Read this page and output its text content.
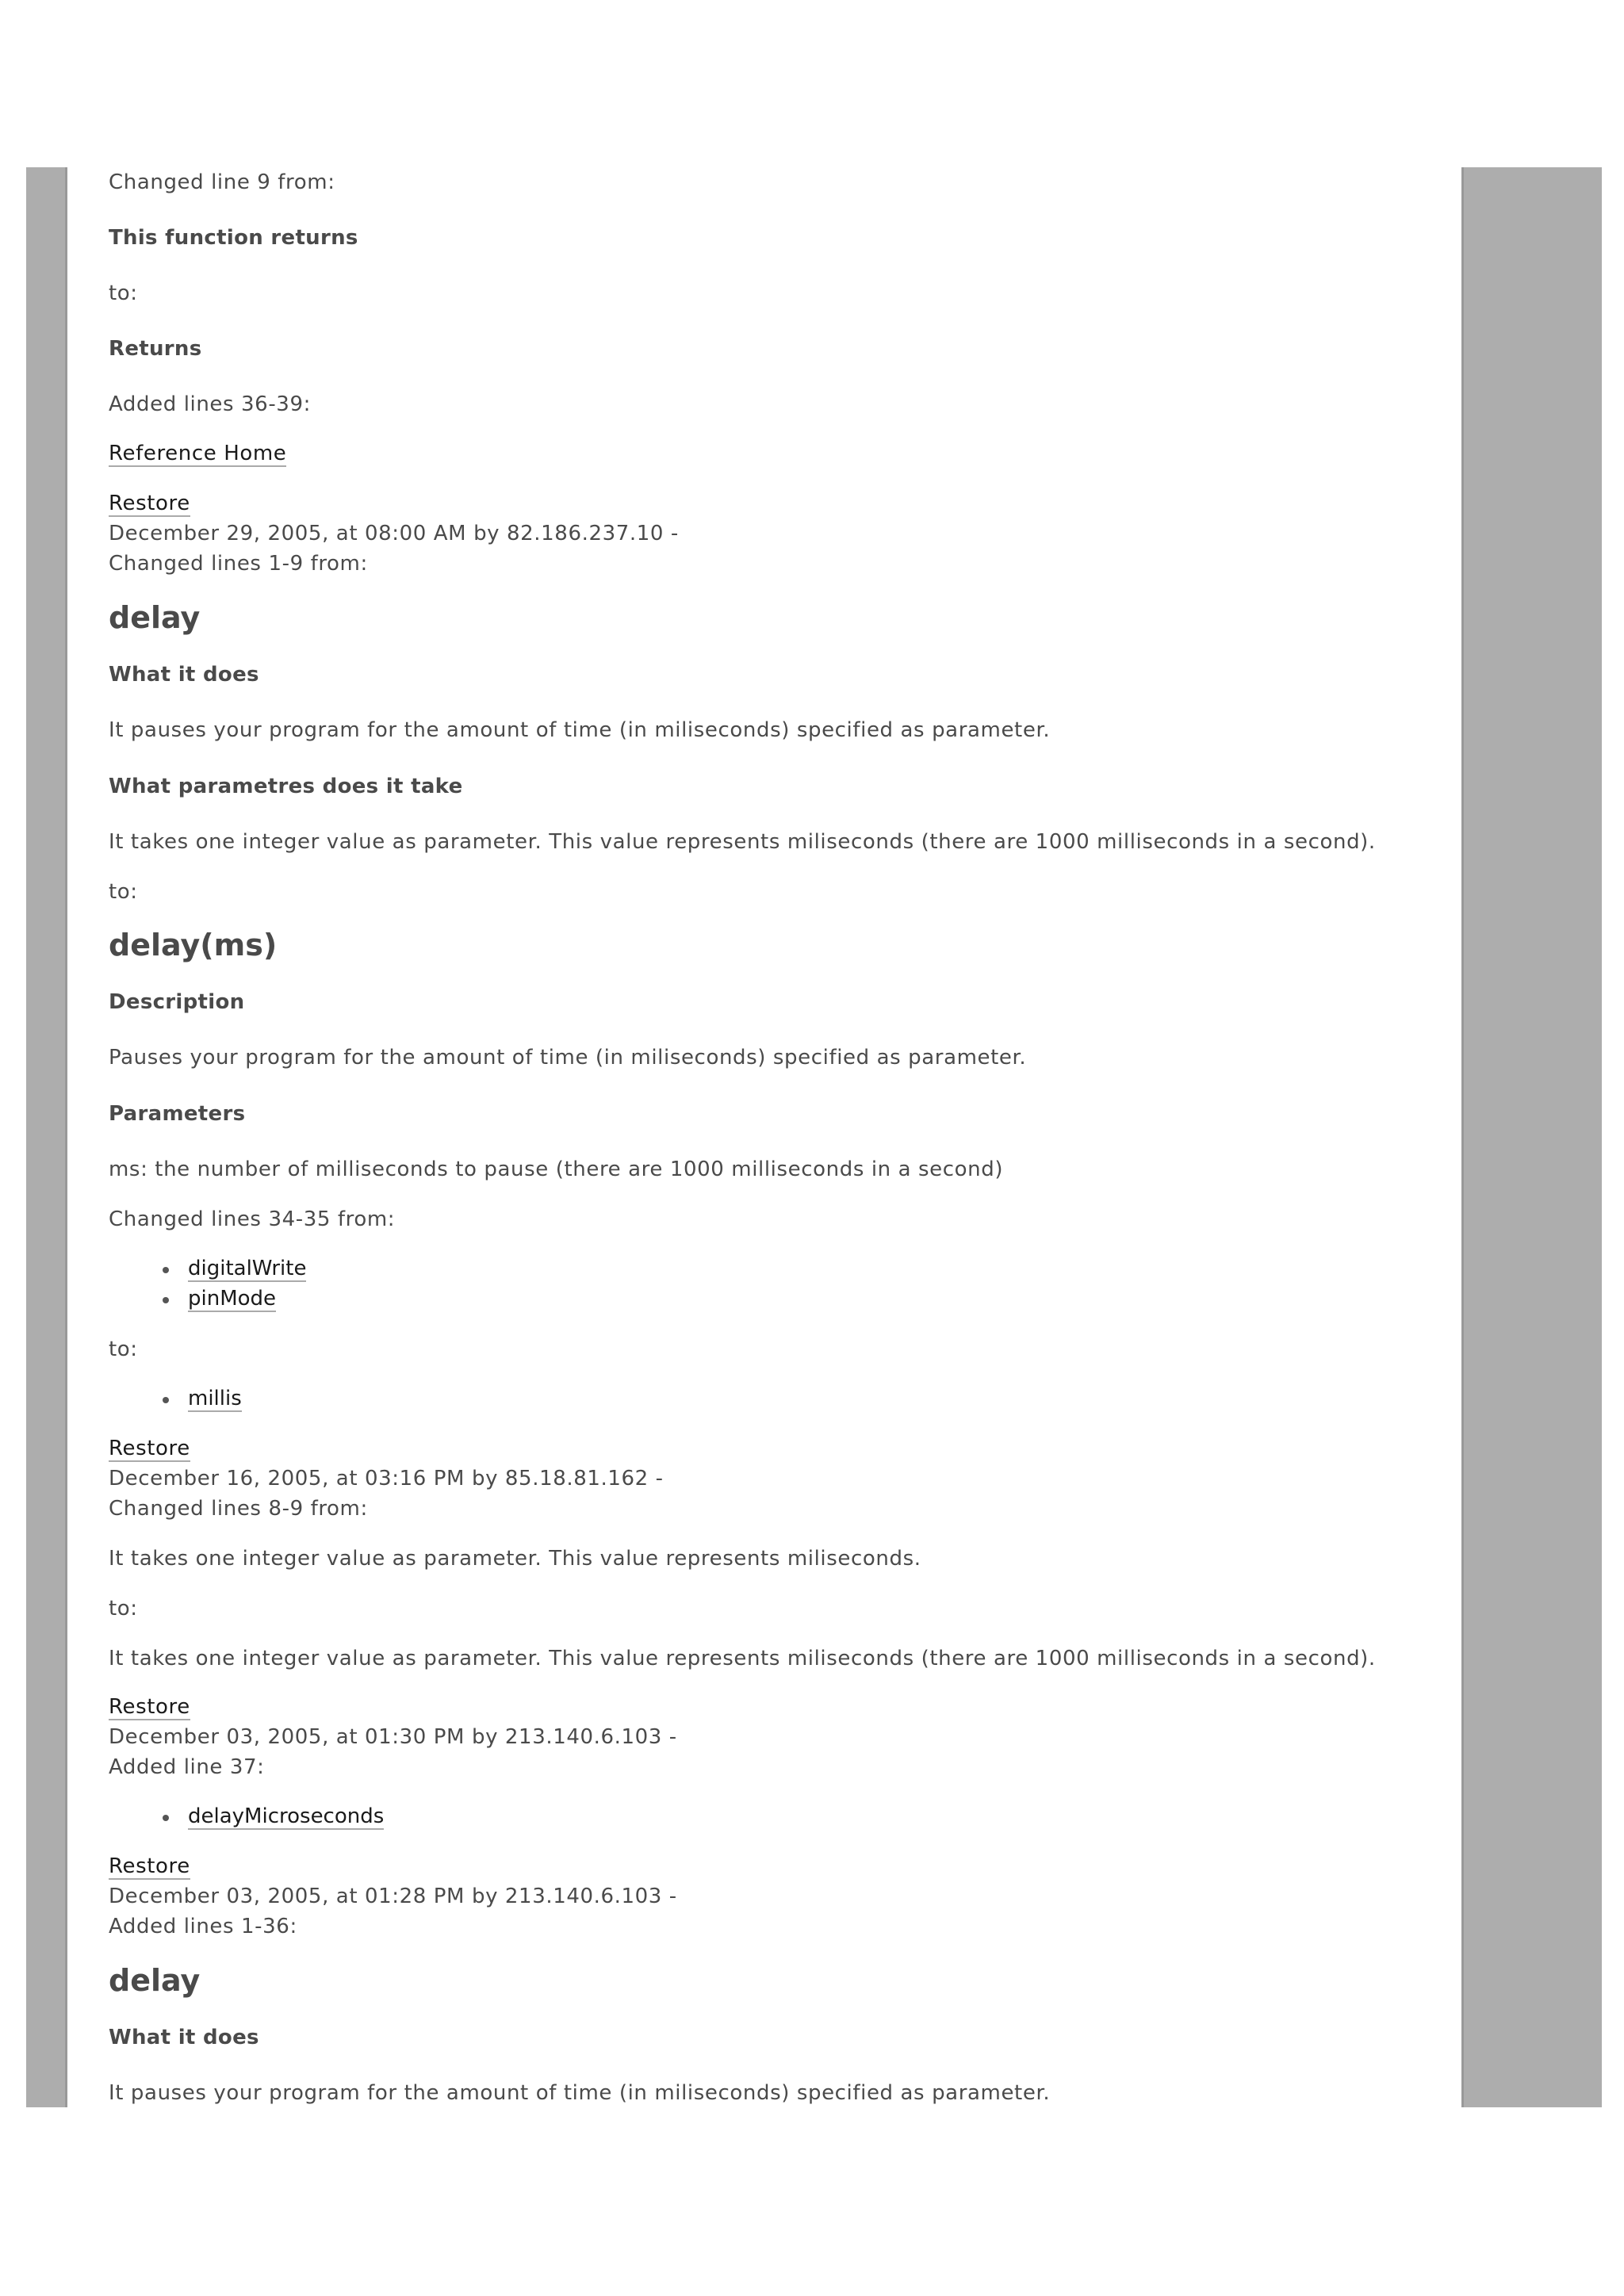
Changed line 9 from:
This function returns
to:
Returns
Added lines 36-39:
Reference Home
Restore
December 29, 2005, at 08:00 AM by 82.186.237.10 -
Changed lines 1-9 from:
delay
What it does
It pauses your program for the amount of time (in miliseconds) specified as parameter.
What parametres does it take
It takes one integer value as parameter. This value represents miliseconds (there are 1000 milliseconds in a second).
to:
delay(ms)
Description
Pauses your program for the amount of time (in miliseconds) specified as parameter.
Parameters
ms: the number of milliseconds to pause (there are 1000 milliseconds in a second)
Changed lines 34-35 from:
digitalWrite
pinMode
to:
millis
Restore
December 16, 2005, at 03:16 PM by 85.18.81.162 -
Changed lines 8-9 from:
It takes one integer value as parameter. This value represents miliseconds.
to:
It takes one integer value as parameter. This value represents miliseconds (there are 1000 milliseconds in a second).
Restore
December 03, 2005, at 01:30 PM by 213.140.6.103 -
Added line 37:
delayMicroseconds
Restore
December 03, 2005, at 01:28 PM by 213.140.6.103 -
Added lines 1-36:
delay
What it does
It pauses your program for the amount of time (in miliseconds) specified as parameter.
